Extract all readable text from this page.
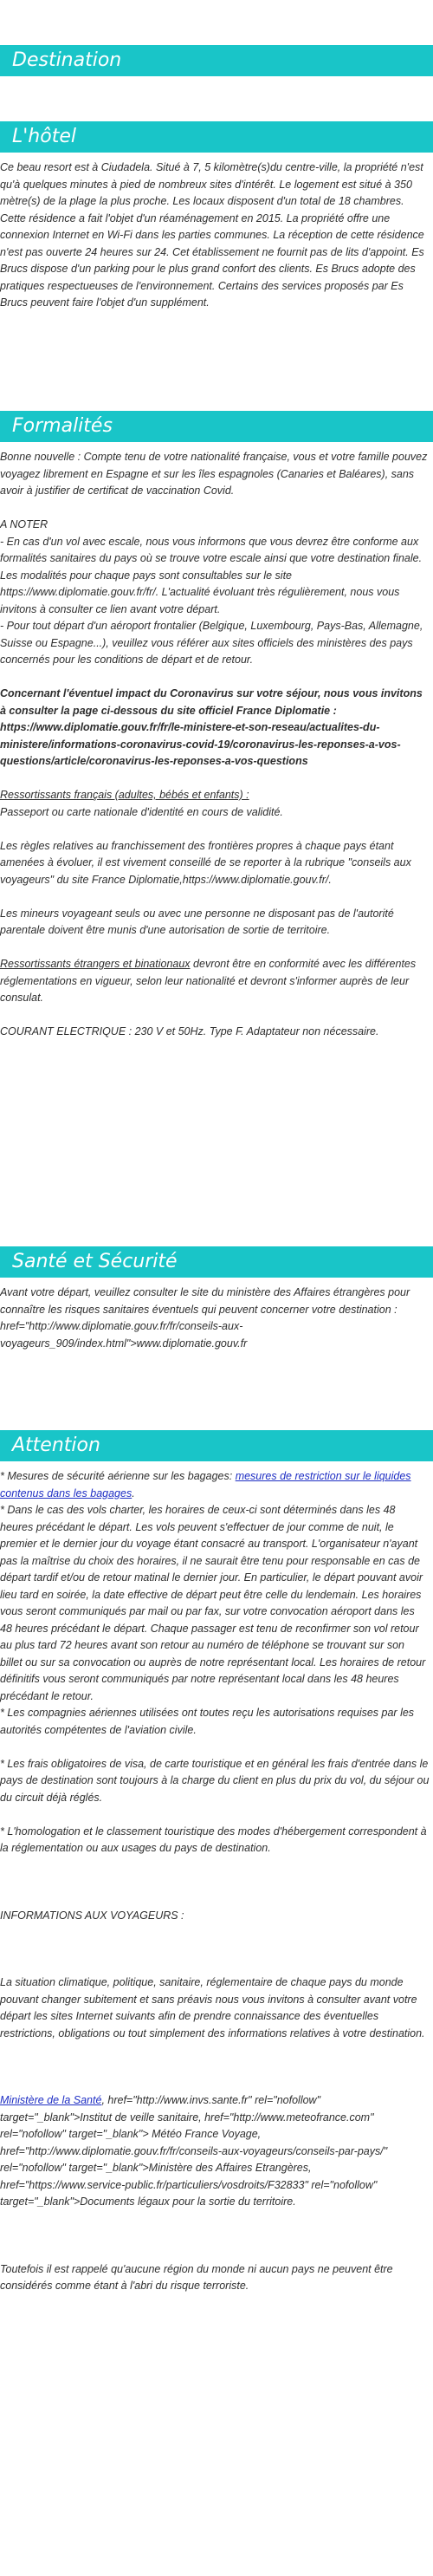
Destination
L'hôtel

Ce beau resort est à Ciudadela. Situé à 7, 5 kilomètre(s)du centre-ville, la propriété n'est qu'à quelques minutes à pied de nombreux sites d'intérêt. Le logement est situé à 350 mètre(s) de la plage la plus proche. Les locaux disposent d'un total de 18 chambres. Cette résidence a fait l'objet d'un réaménagement en 2015. La propriété offre une connexion Internet en Wi-Fi dans les parties communes. La réception de cette résidence n'est pas ouverte 24 heures sur 24. Cet établissement ne fournit pas de lits d'appoint. Es Brucs dispose d'un parking pour le plus grand confort des clients. Es Brucs adopte des pratiques respectueuses de l'environnement. Certains des services proposés par Es Brucs peuvent faire l'objet d'un supplément.

Formalités

Bonne nouvelle : Compte tenu de votre nationalité française, vous et votre famille pouvez voyagez librement en Espagne et sur les îles espagnoles (Canaries et Baléares), sans avoir à justifier de certificat de vaccination Covid.

A NOTER

- En cas d'un vol avec escale, nous vous informons que vous devrez être conforme aux formalités sanitaires du pays où se trouve votre escale ainsi que votre destination finale.

Les modalités pour chaque pays sont consultables sur le site https://www.diplomatie.gouv.fr/fr/. L'actualité évoluant très régulièrement, nous vous invitons à consulter ce lien avant votre départ.

- Pour tout départ d'un aéroport frontalier (Belgique, Luxembourg, Pays-Bas, Allemagne, Suisse ou Espagne...), veuillez vous référer aux sites officiels des ministères des pays concernés pour les conditions de départ et de retour.

Concernant l'éventuel impact du Coronavirus sur votre séjour, nous vous invitons à consulter la page ci-dessous du site officiel France Diplomatie : https://www.diplomatie.gouv.fr/fr/le-ministere-et-son-reseau/actualites-du-ministere/informations-coronavirus-covid-19/coronavirus-les-reponses-a-vos-questions/article/coronavirus-les-reponses-a-vos-questions

Ressortissants français (adultes, bébés et enfants) :

Passeport ou carte nationale d'identité en cours de validité.

Les règles relatives au franchissement des frontières propres à chaque pays étant amenées à évoluer, il est vivement conseillé de se reporter à la rubrique "conseils aux voyageurs" du site France Diplomatie,https://www.diplomatie.gouv.fr/.

Les mineurs voyageant seuls ou avec une personne ne disposant pas de l'autorité parentale doivent être munis d'une autorisation de sortie de territoire.

Ressortissants étrangers et binationaux devront être en conformité avec les différentes réglementations en vigueur, selon leur nationalité et devront s'informer auprès de leur consulat.

COURANT ELECTRIQUE : 230 V et 50Hz. Type F. Adaptateur non nécessaire.

Santé et Sécurité

Avant votre départ, veuillez consulter le site du ministère des Affaires étrangères pour connaître les risques sanitaires éventuels qui peuvent concerner votre destination : href="http://www.diplomatie.gouv.fr/fr/conseils-aux-voyageurs_909/index.html">www.diplomatie.gouv.fr

Attention

* Mesures de sécurité aérienne sur les bagages: mesures de restriction sur le liquides contenus dans les bagages.

* Dans le cas des vols charter, les horaires de ceux-ci sont déterminés dans les 48 heures précédant le départ. Les vols peuvent s'effectuer de jour comme de nuit, le premier et le dernier jour du voyage étant consacré au transport. L'organisateur n'ayant pas la maîtrise du choix des horaires, il ne saurait être tenu pour responsable en cas de départ tardif et/ou de retour matinal le dernier jour. En particulier, le départ pouvant avoir lieu tard en soirée, la date effective de départ peut être celle du lendemain. Les horaires vous seront communiqués par mail ou par fax, sur votre convocation aéroport dans les 48 heures précédant le départ. Chaque passager est tenu de reconfirmer son vol retour au plus tard 72 heures avant son retour au numéro de téléphone se trouvant sur son billet ou sur sa convocation ou auprès de notre représentant local. Les horaires de retour définitifs vous seront communiqués par notre représentant local dans les 48 heures précédant le retour.

* Les compagnies aériennes utilisées ont toutes reçu les autorisations requises par les autorités compétentes de l'aviation civile.

* Les frais obligatoires de visa, de carte touristique et en général les frais d'entrée dans le pays de destination sont toujours à la charge du client en plus du prix du vol, du séjour ou du circuit déjà réglés.

* L'homologation et le classement touristique des modes d'hébergement correspondent à la réglementation ou aux usages du pays de destination.

INFORMATIONS AUX VOYAGEURS :

La situation climatique, politique, sanitaire, réglementaire de chaque pays du monde pouvant changer subitement et sans préavis nous vous invitons à consulter avant votre départ les sites Internet suivants afin de prendre connaissance des éventuelles restrictions, obligations ou tout simplement des informations relatives à votre destination.

Ministère de la Santé, href="http://www.invs.sante.fr" rel="nofollow" target="_blank">Institut de veille sanitaire, href="http://www.meteofrance.com" rel="nofollow" target="_blank"> Météo France Voyage, href="http://www.diplomatie.gouv.fr/fr/conseils-aux-voyageurs/conseils-par-pays/" rel="nofollow" target="_blank">Ministère des Affaires Etrangères, href="https://www.service-public.fr/particuliers/vosdroits/F32833" rel="nofollow" target="_blank">Documents légaux pour la sortie du territoire.

Toutefois il est rappelé qu'aucune région du monde ni aucun pays ne peuvent être considérés comme étant à l'abri du risque terroriste.
